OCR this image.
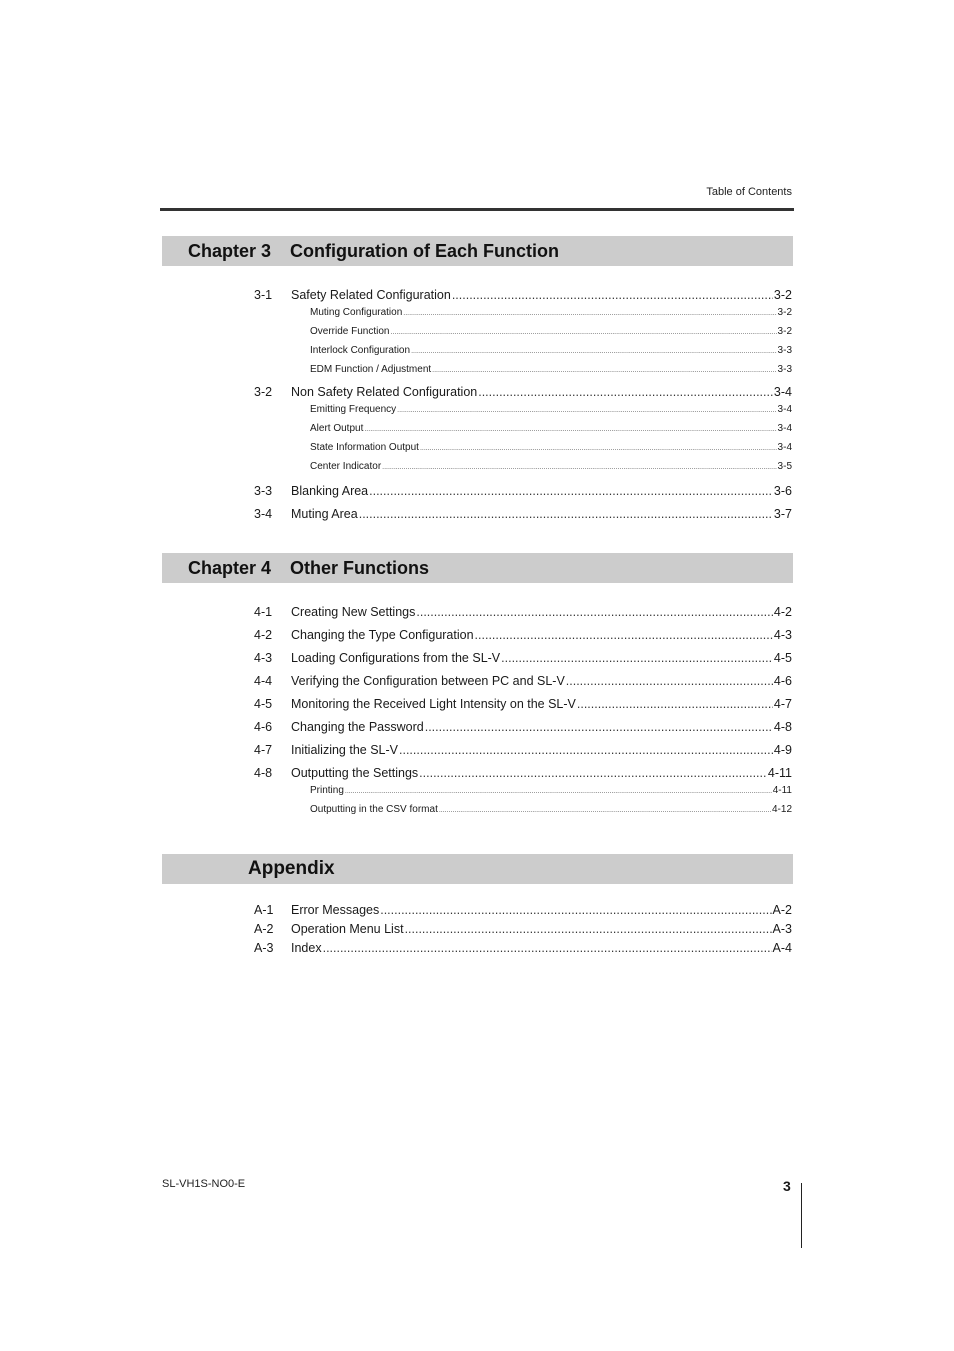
Table of Contents
Chapter 3 Configuration of Each Function
3-1	Safety Related Configuration .....	3-2
Muting Configuration .....	3-2
Override Function .....	3-2
Interlock Configuration .....	3-3
EDM Function / Adjustment .....	3-3
3-2	Non Safety Related Configuration .....	3-4
Emitting Frequency .....	3-4
Alert Output .....	3-4
State Information Output .....	3-4
Center Indicator .....	3-5
3-3	Blanking Area .....	3-6
3-4	Muting Area .....	3-7
Chapter 4 Other Functions
4-1	Creating New Settings .....	4-2
4-2	Changing the Type Configuration .....	4-3
4-3	Loading Configurations from the SL-V .....	4-5
4-4	Verifying the Configuration between PC and SL-V .....	4-6
4-5	Monitoring the Received Light Intensity on the SL-V .....	4-7
4-6	Changing the Password .....	4-8
4-7	Initializing the SL-V .....	4-9
4-8	Outputting the Settings .....	4-11
Printing .....	4-11
Outputting in the CSV format .....	4-12
Appendix
A-1	Error Messages .....	A-2
A-2	Operation Menu List .....	A-3
A-3	Index .....	A-4
SL-VH1S-NO0-E	3
